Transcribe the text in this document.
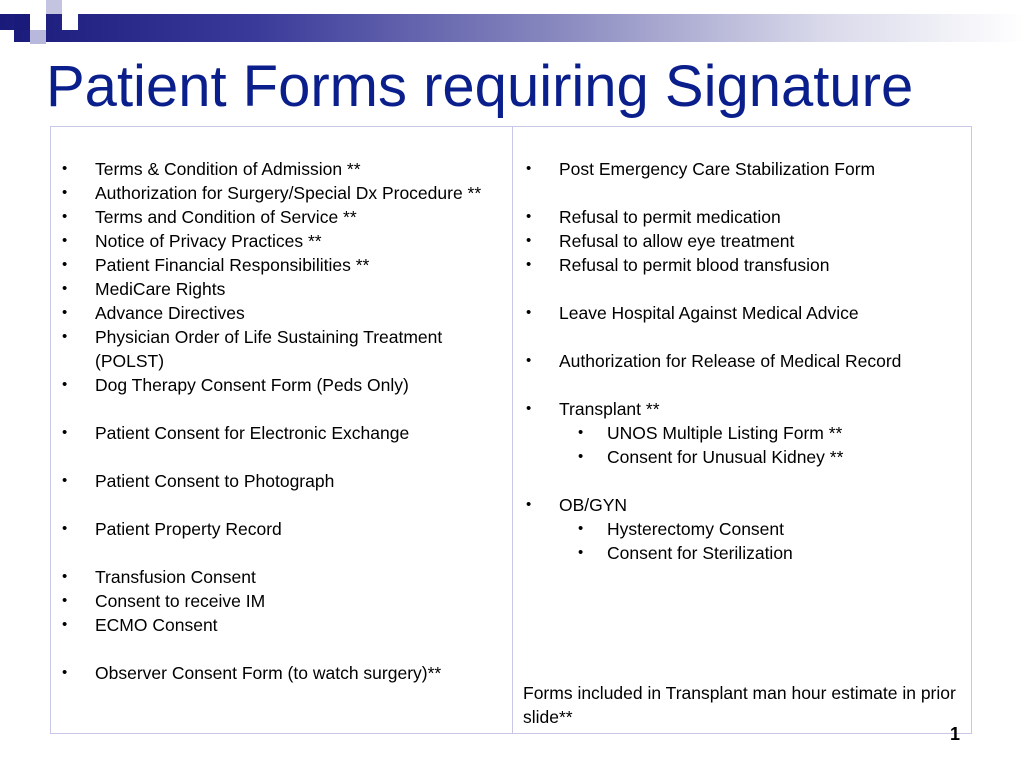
Patient Forms requiring Signature
• Terms & Condition of Admission **
• Authorization for Surgery/Special Dx Procedure **
• Terms and Condition of Service **
• Notice of Privacy Practices **
• Patient Financial Responsibilities **
• MediCare Rights
• Advance Directives
• Physician Order of Life Sustaining Treatment (POLST)
• Dog Therapy Consent Form (Peds Only)
• Patient Consent for Electronic Exchange
• Patient Consent to Photograph
• Patient Property Record
• Transfusion Consent
• Consent to receive IM
• ECMO Consent
• Observer Consent Form (to watch surgery)**
• Post Emergency Care Stabilization Form
• Refusal to permit medication
• Refusal to allow eye treatment
• Refusal to permit blood transfusion
• Leave Hospital Against Medical Advice
• Authorization for Release of Medical Record
• Transplant **
• UNOS Multiple Listing Form **
• Consent for Unusual Kidney **
• OB/GYN
• Hysterectomy Consent
• Consent for Sterilization
Forms included in Transplant man hour estimate in prior slide**
1
